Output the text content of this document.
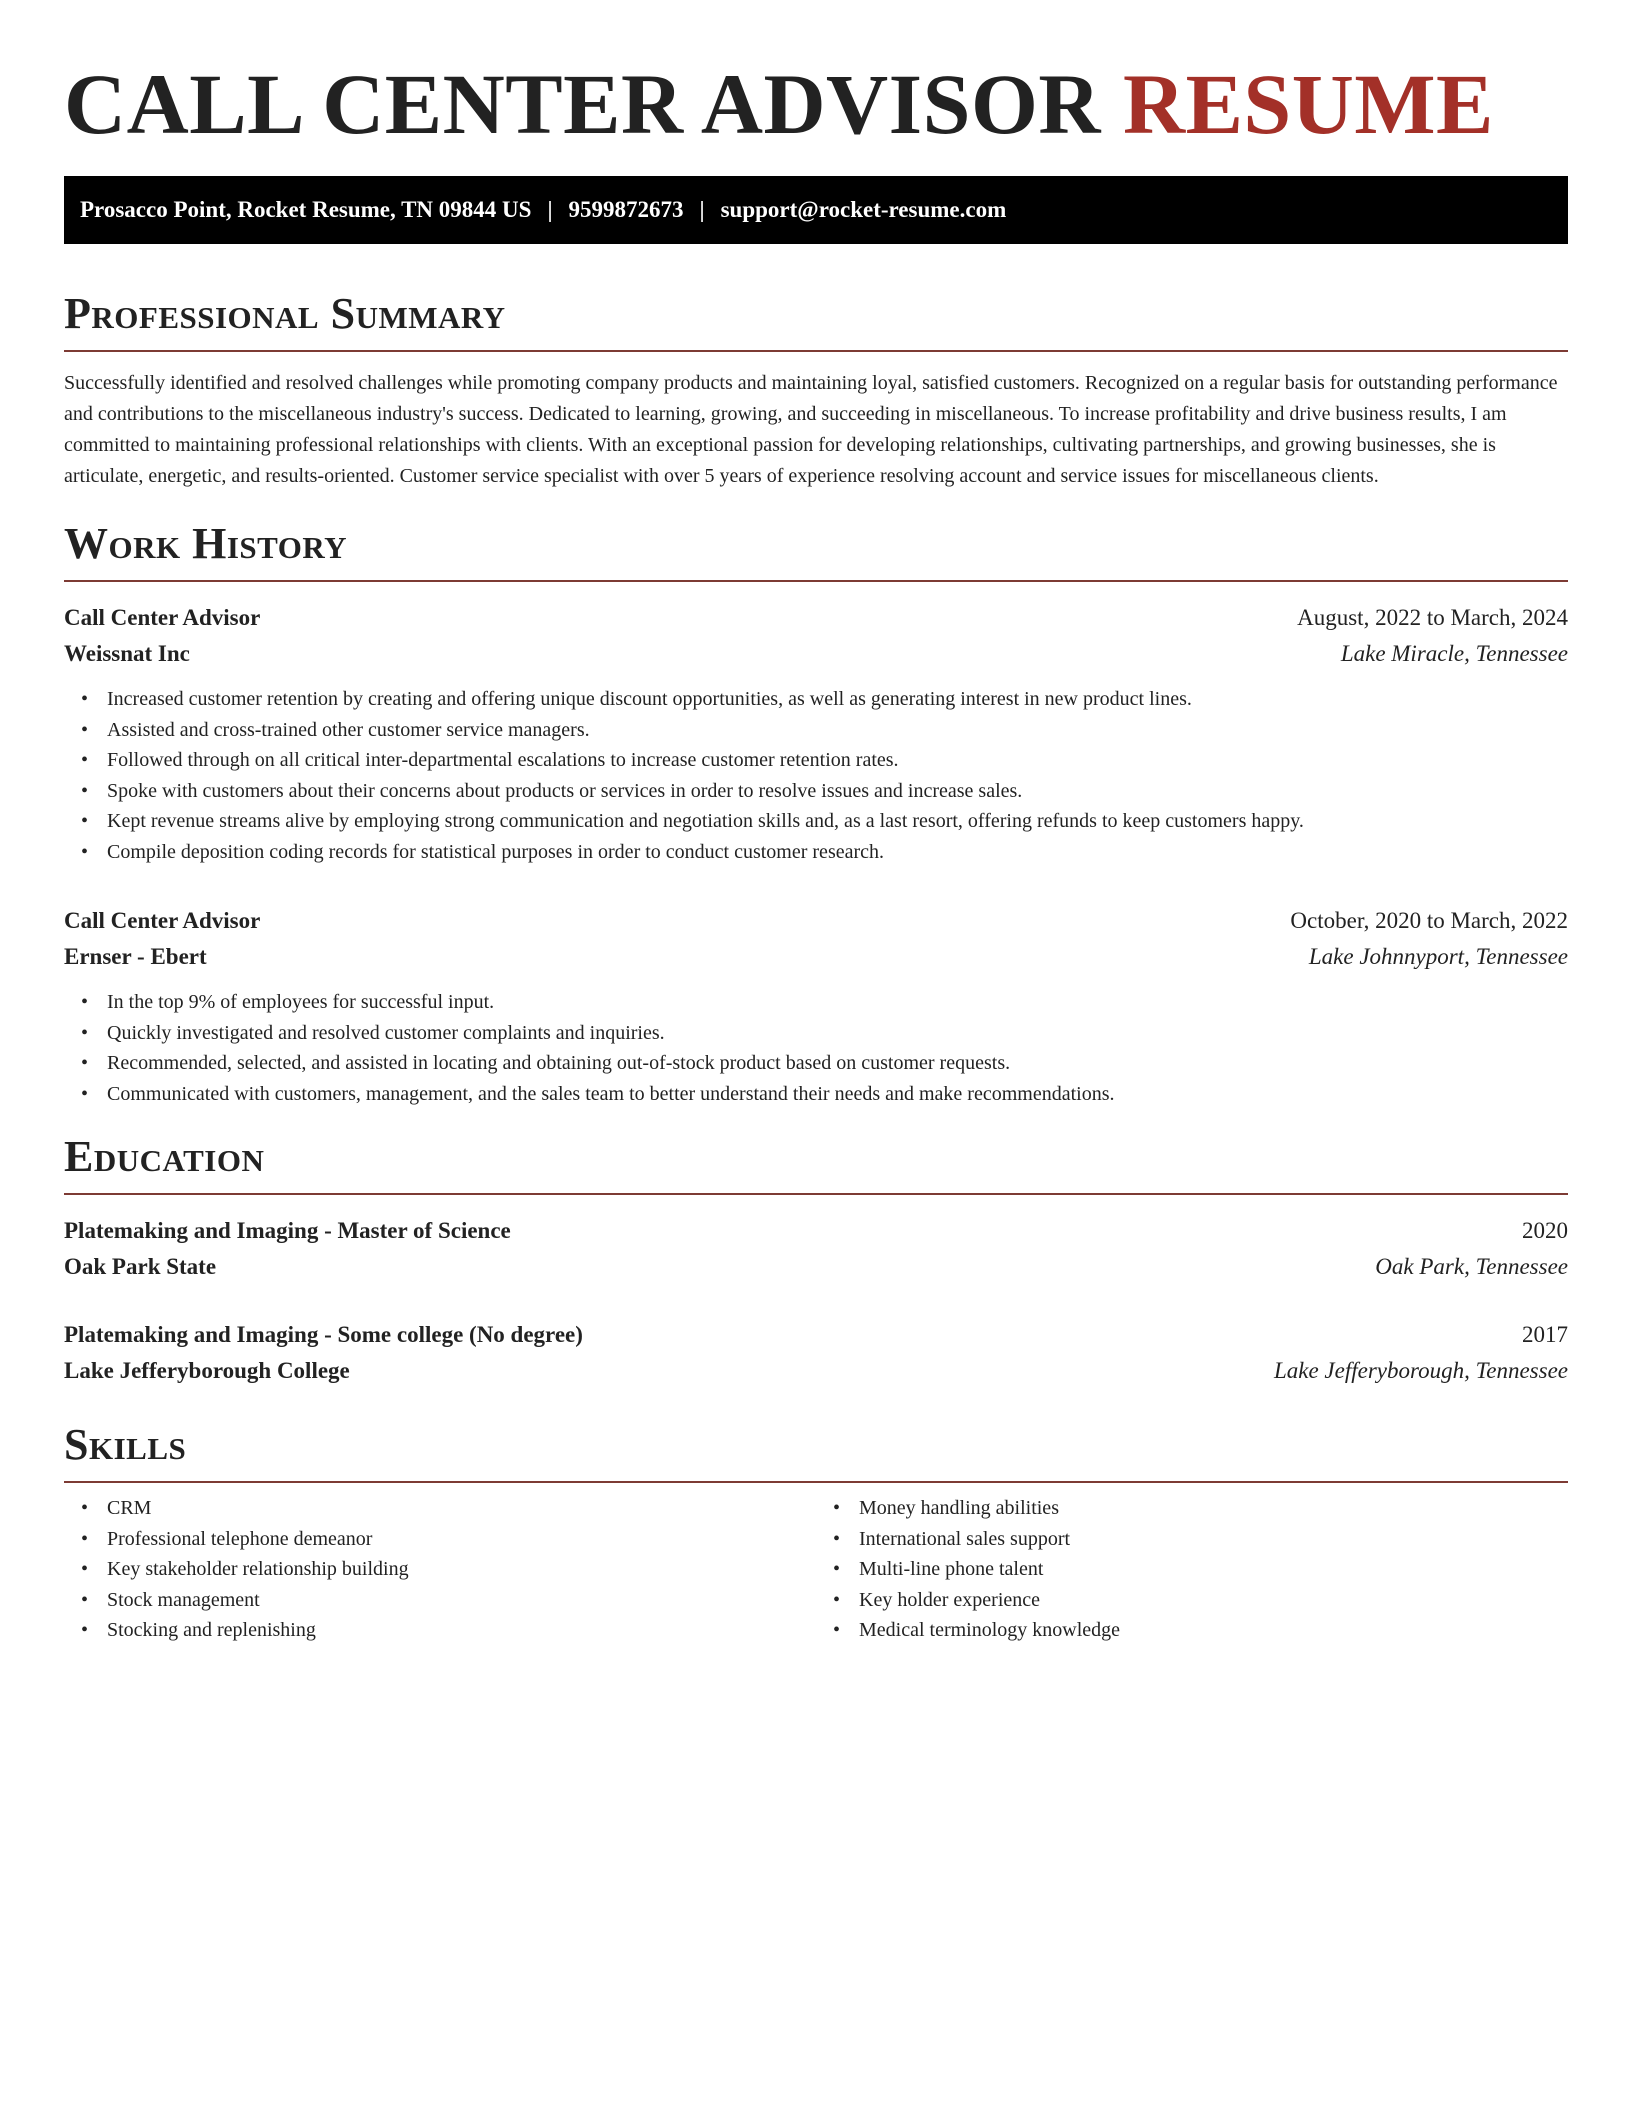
CALL CENTER ADVISOR RESUME
Prosacco Point, Rocket Resume, TN 09844 US | 9599872673 | support@rocket-resume.com
Professional Summary

Successfully identified and resolved challenges while promoting company products and maintaining loyal, satisfied customers. Recognized on a regular basis for outstanding performance and contributions to the miscellaneous industry's success. Dedicated to learning, growing, and succeeding in miscellaneous. To increase profitability and drive business results, I am committed to maintaining professional relationships with clients. With an exceptional passion for developing relationships, cultivating partnerships, and growing businesses, she is articulate, energetic, and results-oriented. Customer service specialist with over 5 years of experience resolving account and service issues for miscellaneous clients.

Work History
Call Center Advisor	August, 2022 to March, 2024
Weissnat Inc	Lake Miracle, Tennessee
• Increased customer retention by creating and offering unique discount opportunities, as well as generating interest in new product lines.
• Assisted and cross-trained other customer service managers.
• Followed through on all critical inter-departmental escalations to increase customer retention rates.
• Spoke with customers about their concerns about products or services in order to resolve issues and increase sales.
• Kept revenue streams alive by employing strong communication and negotiation skills and, as a last resort, offering refunds to keep customers happy.
• Compile deposition coding records for statistical purposes in order to conduct customer research.
Call Center Advisor	October, 2020 to March, 2022
Ernser - Ebert	Lake Johnnyport, Tennessee
• In the top 9% of employees for successful input.
• Quickly investigated and resolved customer complaints and inquiries.
• Recommended, selected, and assisted in locating and obtaining out-of-stock product based on customer requests.
• Communicated with customers, management, and the sales team to better understand their needs and make recommendations.
Education
Platemaking and Imaging - Master of Science	2020
Oak Park State	Oak Park, Tennessee
Platemaking and Imaging - Some college (No degree)	2017
Lake Jefferyborough College	Lake Jefferyborough, Tennessee
Skills
• CRM
• Professional telephone demeanor
• Key stakeholder relationship building
• Stock management
• Stocking and replenishing
• Money handling abilities
• International sales support
• Multi-line phone talent
• Key holder experience
• Medical terminology knowledge
